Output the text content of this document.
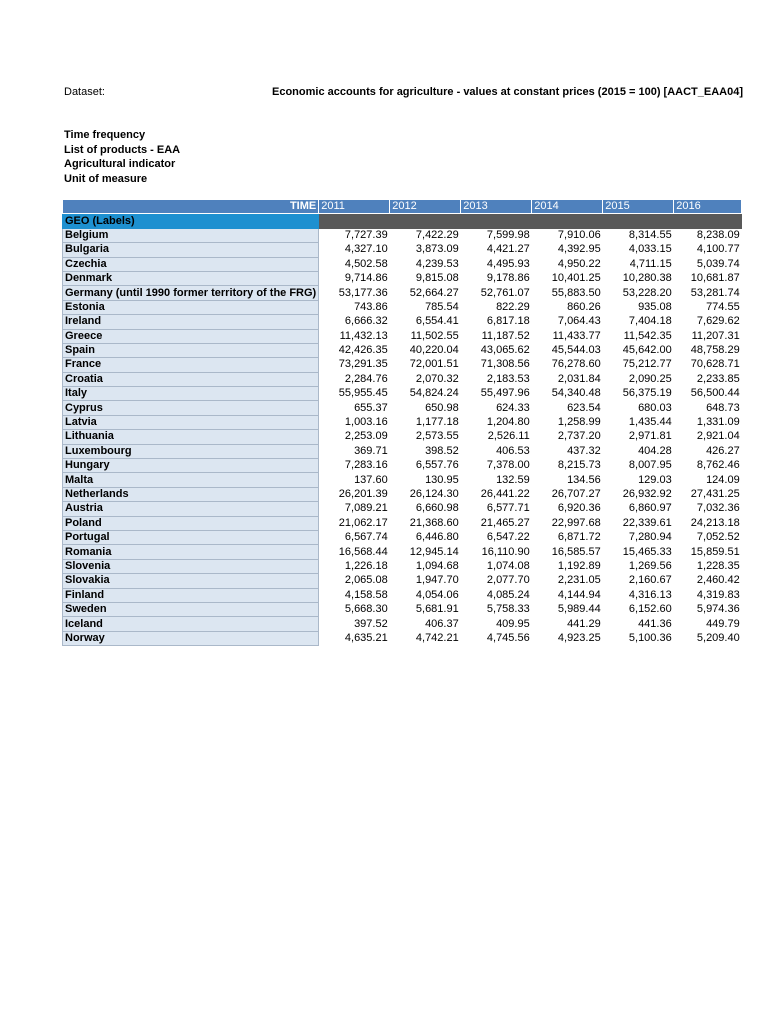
Dataset:	Economic accounts for agriculture - values at constant prices (2015 = 100) [AACT_EAA04]
Time frequency
List of products - EAA
Agricultural indicator
Unit of measure
TIME	2011	2012	2013	2014	2015	2016
GEO (Labels)						
Belgium	7,727.39	7,422.29	7,599.98	7,910.06	8,314.55	8,238.09
Bulgaria	4,327.10	3,873.09	4,421.27	4,392.95	4,033.15	4,100.77
Czechia	4,502.58	4,239.53	4,495.93	4,950.22	4,711.15	5,039.74
Denmark	9,714.86	9,815.08	9,178.86	10,401.25	10,280.38	10,681.87
Germany (until 1990 former territory of the FRG)	53,177.36	52,664.27	52,761.07	55,883.50	53,228.20	53,281.74
Estonia	743.86	785.54	822.29	860.26	935.08	774.55
Ireland	6,666.32	6,554.41	6,817.18	7,064.43	7,404.18	7,629.62
Greece	11,432.13	11,502.55	11,187.52	11,433.77	11,542.35	11,207.31
Spain	42,426.35	40,220.04	43,065.62	45,544.03	45,642.00	48,758.29
France	73,291.35	72,001.51	71,308.56	76,278.60	75,212.77	70,628.71
Croatia	2,284.76	2,070.32	2,183.53	2,031.84	2,090.25	2,233.85
Italy	55,955.45	54,824.24	55,497.96	54,340.48	56,375.19	56,500.44
Cyprus	655.37	650.98	624.33	623.54	680.03	648.73
Latvia	1,003.16	1,177.18	1,204.80	1,258.99	1,435.44	1,331.09
Lithuania	2,253.09	2,573.55	2,526.11	2,737.20	2,971.81	2,921.04
Luxembourg	369.71	398.52	406.53	437.32	404.28	426.27
Hungary	7,283.16	6,557.76	7,378.00	8,215.73	8,007.95	8,762.46
Malta	137.60	130.95	132.59	134.56	129.03	124.09
Netherlands	26,201.39	26,124.30	26,441.22	26,707.27	26,932.92	27,431.25
Austria	7,089.21	6,660.98	6,577.71	6,920.36	6,860.97	7,032.36
Poland	21,062.17	21,368.60	21,465.27	22,997.68	22,339.61	24,213.18
Portugal	6,567.74	6,446.80	6,547.22	6,871.72	7,280.94	7,052.52
Romania	16,568.44	12,945.14	16,110.90	16,585.57	15,465.33	15,859.51
Slovenia	1,226.18	1,094.68	1,074.08	1,192.89	1,269.56	1,228.35
Slovakia	2,065.08	1,947.70	2,077.70	2,231.05	2,160.67	2,460.42
Finland	4,158.58	4,054.06	4,085.24	4,144.94	4,316.13	4,319.83
Sweden	5,668.30	5,681.91	5,758.33	5,989.44	6,152.60	5,974.36
Iceland	397.52	406.37	409.95	441.29	441.36	449.79
Norway	4,635.21	4,742.21	4,745.56	4,923.25	5,100.36	5,209.40
